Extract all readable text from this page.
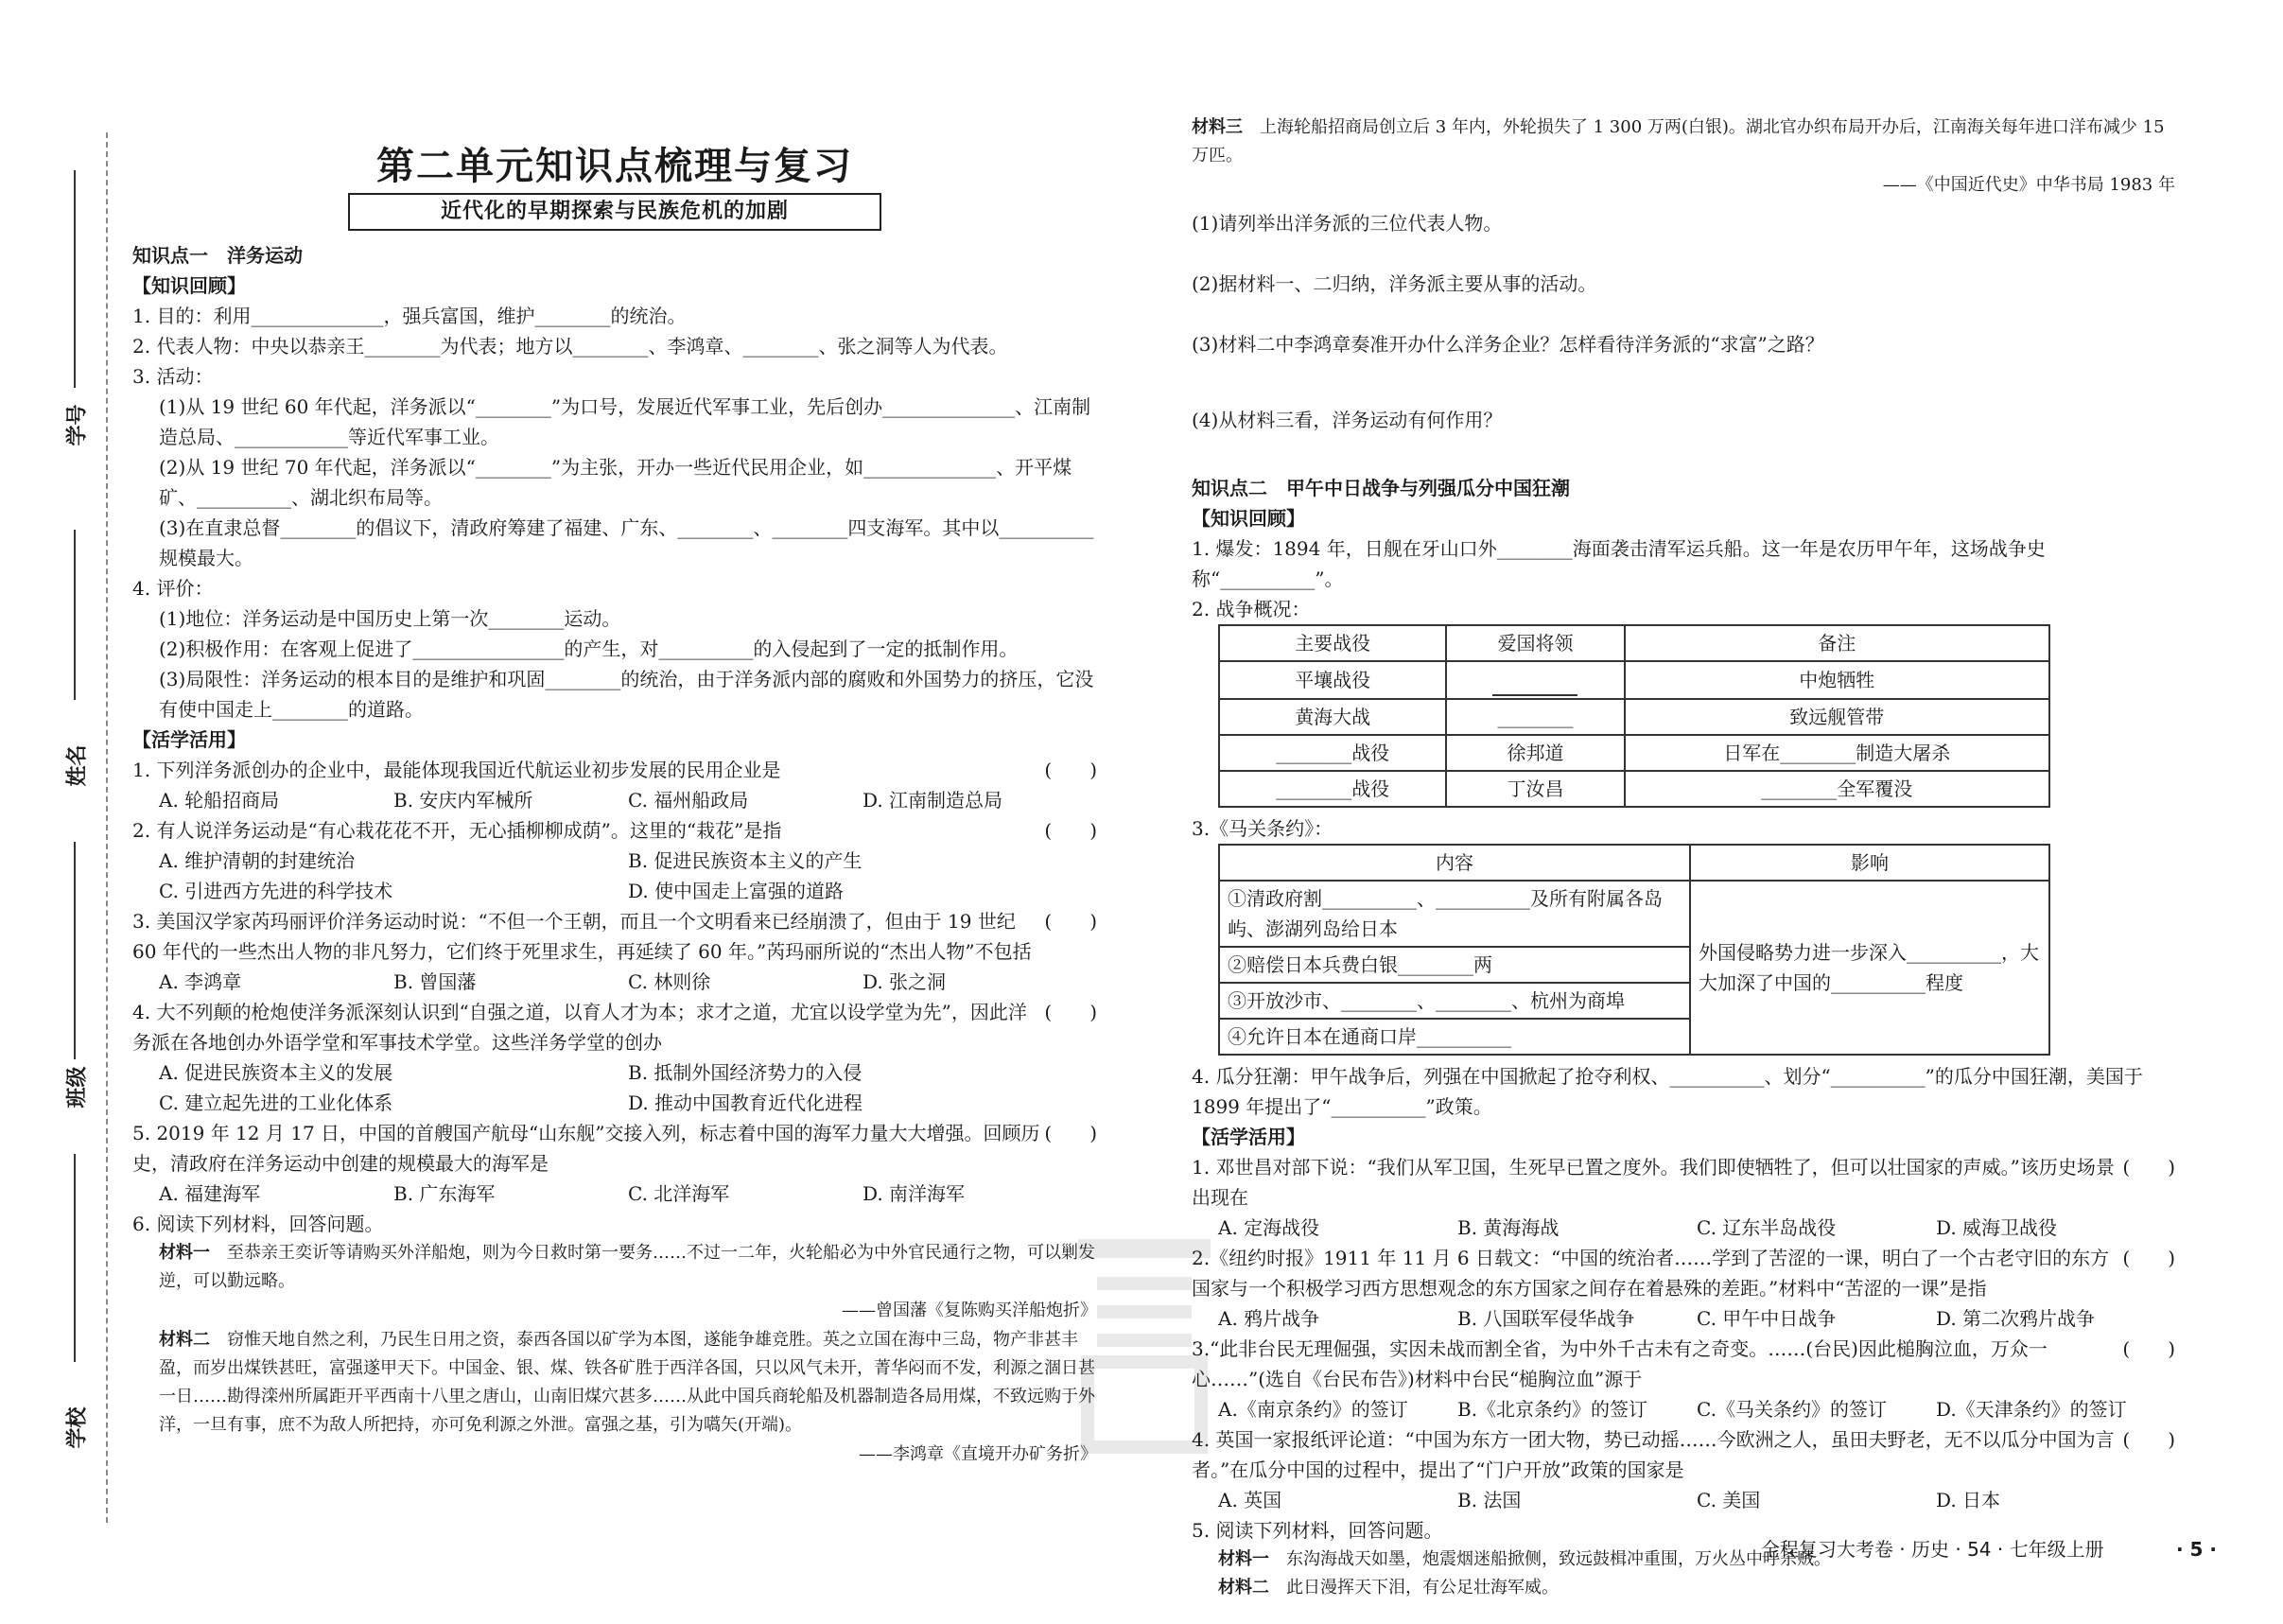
学号
姓名
班级
学校
第二单元知识点梳理与复习
近代化的早期探索与民族危机的加剧

知识点一　洋务运动

【知识回顾】

1. 目的：利用______________，强兵富国，维护________的统治。

2. 代表人物：中央以恭亲王________为代表；地方以________、李鸿章、________、张之洞等人为代表。

3. 活动：

(1)从 19 世纪 60 年代起，洋务派以“________”为口号，发展近代军事工业，先后创办______________、江南制造总局、____________等近代军事工业。

(2)从 19 世纪 70 年代起，洋务派以“________”为主张，开办一些近代民用企业，如______________、开平煤矿、__________、湖北织布局等。

(3)在直隶总督________的倡议下，清政府筹建了福建、广东、________、________四支海军。其中以__________规模最大。

4. 评价：

(1)地位：洋务运动是中国历史上第一次________运动。

(2)积极作用：在客观上促进了________________的产生，对__________的入侵起到了一定的抵制作用。

(3)局限性：洋务运动的根本目的是维护和巩固________的统治，由于洋务派内部的腐败和外国势力的挤压，它没有使中国走上________的道路。

【活学活用】

1. 下列洋务派创办的企业中，最能体现我国近代航运业初步发展的民用企业是	(　　)
A. 轮船招商局	B. 安庆内军械所	C. 福州船政局	D. 江南制造总局
2. 有人说洋务运动是“有心栽花花不开，无心插柳柳成荫”。这里的“栽花”是指	(　　)
A. 维护清朝的封建统治	B. 促进民族资本主义的产生
C. 引进西方先进的科学技术	D. 使中国走上富强的道路
3. 美国汉学家芮玛丽评价洋务运动时说：“不但一个王朝，而且一个文明看来已经崩溃了，但由于 19 世纪 60 年代的一些杰出人物的非凡努力，它们终于死里求生，再延续了 60 年。”芮玛丽所说的“杰出人物”不包括
(　　)
A. 李鸿章	B. 曾国藩	C. 林则徐	D. 张之洞
4. 大不列颠的枪炮使洋务派深刻认识到“自强之道，以育人才为本；求才之道，尤宜以设学堂为先”，因此洋务派在各地创办外语学堂和军事技术学堂。这些洋务学堂的创办
(　　)
A. 促进民族资本主义的发展	B. 抵制外国经济势力的入侵
C. 建立起先进的工业化体系	D. 推动中国教育近代化进程
5. 2019 年 12 月 17 日，中国的首艘国产航母“山东舰”交接入列，标志着中国的海军力量大大增强。回顾历史，清政府在洋务运动中创建的规模最大的海军是
(　　)
A. 福建海军	B. 广东海军	C. 北洋海军	D. 南洋海军

6. 阅读下列材料，回答问题。

材料一　 至恭亲王奕䜣等请购买外洋船炮，则为今日救时第一要务……不过一二年，火轮船必为中外官民通行之物，可以剿发逆，可以勤远略。

——曾国藩《复陈购买洋船炮折》

材料二　 窃惟天地自然之利，乃民生日用之资，泰西各国以矿学为本图，遂能争雄竞胜。英之立国在海中三岛，物产非甚丰盈，而岁出煤铁甚旺，富强遂甲天下。中国金、银、煤、铁各矿胜于西洋各国，只以风气未开，菁华闷而不发，利源之涸日甚一日……勘得滦州所属距开平西南十八里之唐山，山南旧煤穴甚多……从此中国兵商轮船及机器制造各局用煤，不致远购于外洋，一旦有事，庶不为敌人所把持，亦可免利源之外泄。富强之基，引为嚆矢(开端)。

——李鸿章《直境开办矿务折》

材料三　 上海轮船招商局创立后 3 年内，外轮损失了 1 300 万两(白银)。湖北官办织布局开办后，江南海关每年进口洋布减少 15 万匹。

——《中国近代史》中华书局 1983 年

(1)请列举出洋务派的三位代表人物。

(2)据材料一、二归纳，洋务派主要从事的活动。

(3)材料二中李鸿章奏准开办什么洋务企业？怎样看待洋务派的“求富”之路？

(4)从材料三看，洋务运动有何作用？

知识点二　甲午中日战争与列强瓜分中国狂潮

【知识回顾】

1. 爆发：1894 年，日舰在牙山口外________海面袭击清军运兵船。这一年是农历甲午年，这场战争史称“__________”。

2. 战争概况：

主要战役	爱国将领	备注
平壤战役		中炮牺牲
黄海大战	________	致远舰管带
________战役	徐邦道	日军在________制造大屠杀
________战役	丁汝昌	________全军覆没

3.《马关条约》：

内容	影响
①清政府割__________、__________及所有附属各岛屿、澎湖列岛给日本	外国侵略势力进一步深入__________，大大加深了中国的__________程度
②赔偿日本兵费白银________两	
③开放沙市、________、________、杭州为商埠	
④允许日本在通商口岸__________	

4. 瓜分狂潮：甲午战争后，列强在中国掀起了抢夺利权、__________、划分“__________”的瓜分中国狂潮，美国于 1899 年提出了“__________”政策。

【活学活用】

1. 邓世昌对部下说：“我们从军卫国，生死早已置之度外。我们即使牺牲了，但可以壮国家的声威。”该历史场景出现在
(　　)
A. 定海战役	B. 黄海海战	C. 辽东半岛战役	D. 威海卫战役
2.《纽约时报》1911 年 11 月 6 日载文：“中国的统治者……学到了苦涩的一课，明白了一个古老守旧的东方国家与一个积极学习西方思想观念的东方国家之间存在着悬殊的差距。”材料中“苦涩的一课”是指
(　　)
A. 鸦片战争	B. 八国联军侵华战争	C. 甲午中日战争	D. 第二次鸦片战争
3.“此非台民无理倔强，实因未战而割全省，为中外千古未有之奇变。……(台民)因此槌胸泣血，万众一心……”(选自《台民布告》)材料中台民“槌胸泣血”源于
(　　)
A.《南京条约》的签订	B.《北京条约》的签订	C.《马关条约》的签订	D.《天津条约》的签订
4. 英国一家报纸评论道：“中国为东方一团大物，势已动摇……今欧洲之人，虽田夫野老，无不以瓜分中国为言者。”在瓜分中国的过程中，提出了“门户开放”政策的国家是
(　　)
A. 英国	B. 法国	C. 美国	D. 日本

5. 阅读下列材料，回答问题。

材料一　 东沟海战天如墨，炮震烟迷船掀侧，致远鼓楫冲重围，万火丛中呼杀贼。

材料二　 此日漫挥天下泪，有公足壮海军威。

全程复习大考卷 · 历史 · 54 · 七年级上册	· 5 ·
